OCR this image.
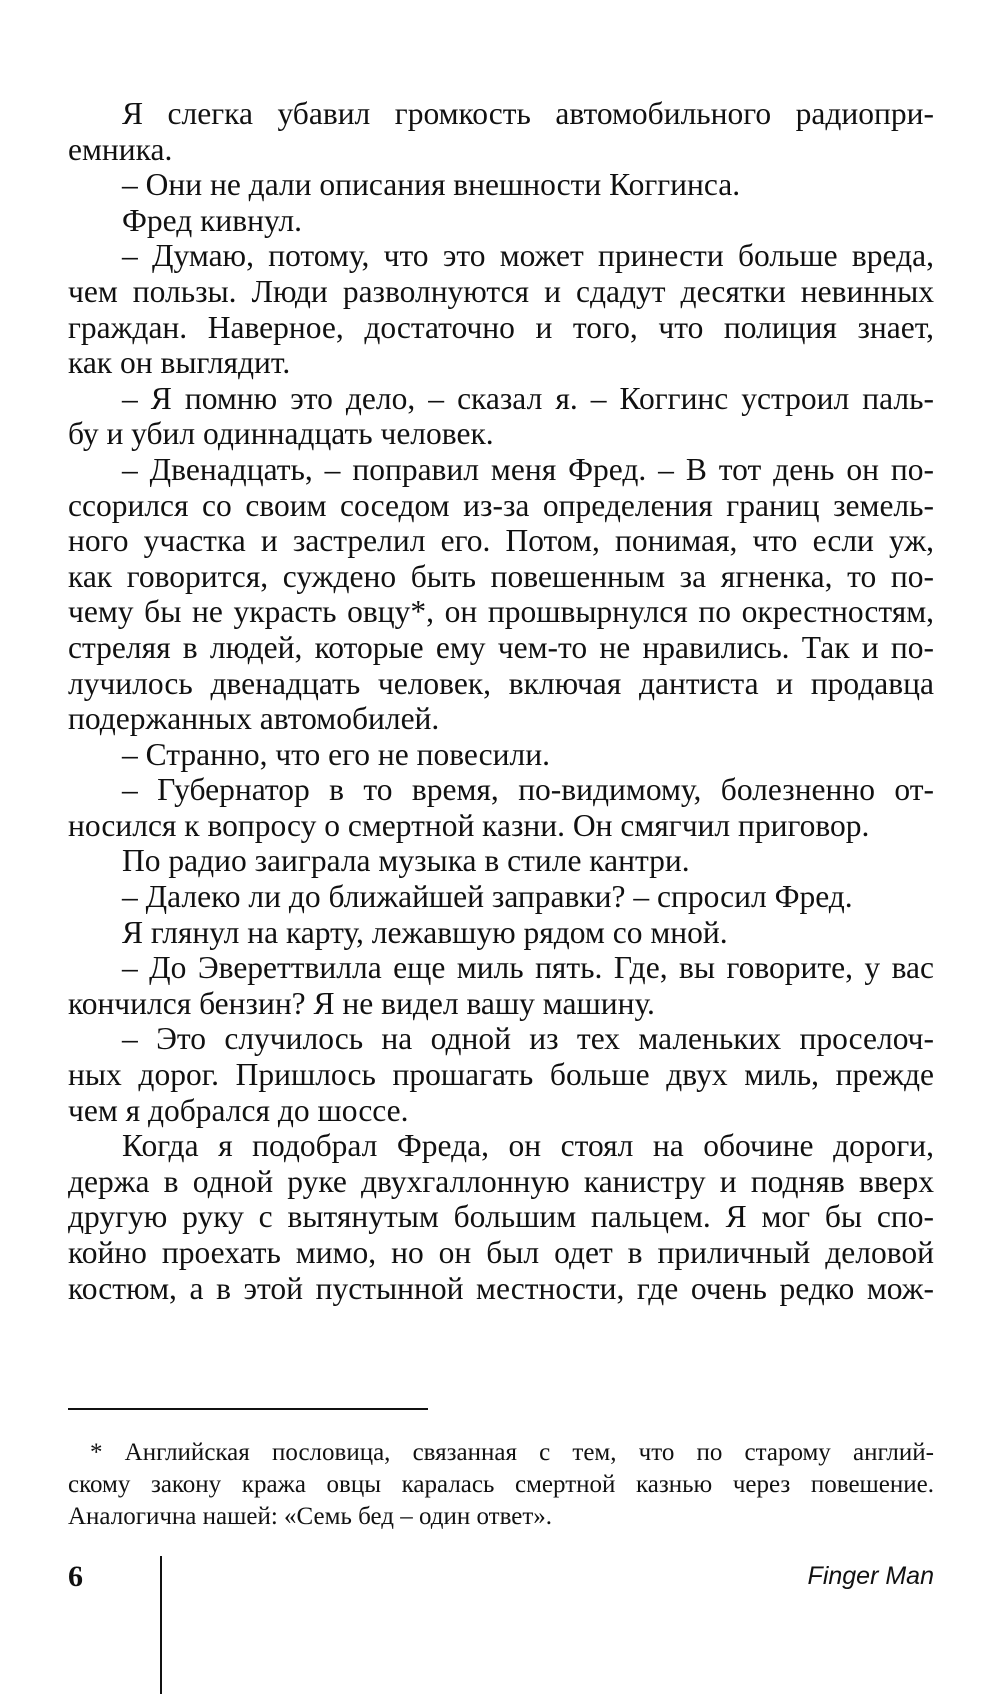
Я слегка убавил громкость автомобильного радиопри-
емника.
– Они не дали описания внешности Коггинса.
Фред кивнул.
– Думаю, потому, что это может принести больше вреда,
чем пользы. Люди разволнуются и сдадут десятки невинных
граждан. Наверное, достаточно и того, что полиция знает,
как он выглядит.
– Я помню это дело, – сказал я. – Коггинс устроил паль-
бу и убил одиннадцать человек.
– Двенадцать, – поправил меня Фред. – В тот день он по-
ссорился со своим соседом из-за определения границ земель-
ного участка и застрелил его. Потом, понимая, что если уж,
как говорится, суждено быть повешенным за ягненка, то по-
чему бы не украсть овцу*, он прошвырнулся по окрестностям,
стреляя в людей, которые ему чем-то не нравились. Так и по-
лучилось двенадцать человек, включая дантиста и продавца
подержанных автомобилей.
– Странно, что его не повесили.
– Губернатор в то время, по-видимому, болезненно от-
носился к вопросу о смертной казни. Он смягчил приговор.
По радио заиграла музыка в стиле кантри.
– Далеко ли до ближайшей заправки? – спросил Фред.
Я глянул на карту, лежавшую рядом со мной.
– До Эвереттвилла еще миль пять. Где, вы говорите, у вас
кончился бензин? Я не видел вашу машину.
– Это случилось на одной из тех маленьких проселоч-
ных дорог. Пришлось прошагать больше двух миль, прежде
чем я добрался до шоссе.
Когда я подобрал Фреда, он стоял на обочине дороги,
держа в одной руке двухгаллонную канистру и подняв вверх
другую руку с вытянутым большим пальцем. Я мог бы спо-
койно проехать мимо, но он был одет в приличный деловой
костюм, а в этой пустынной местности, где очень редко мож-
* Английская пословица, связанная с тем, что по старому англий-
скому закону кража овцы каралась смертной казнью через повешение.
Аналогична нашей: «Семь бед – один ответ».
6	Finger Man
